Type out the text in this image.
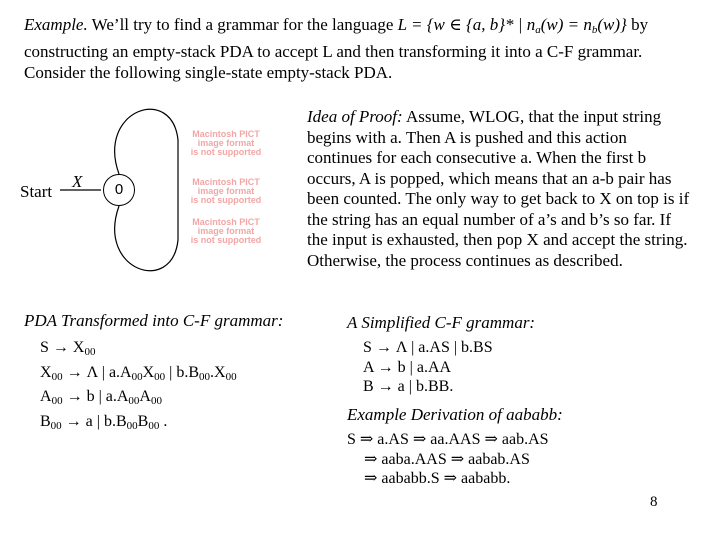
Example. We’ll try to find a grammar for the language L = {w ∈ {a, b}* | $n_a(w) = n_b(w)$} by
constructing an empty-stack PDA to accept L and then transforming it into a C-F grammar.
Consider the following single-state empty-stack PDA.
Start
X	0
Macintosh PICT
image format
is not supported
Macintosh PICT
image format
is not supported
Macintosh PICT
image format
is not supported
Idea of Proof: Assume, WLOG, that the input string begins with a. Then A is pushed and this action continues for each consecutive a. When the first b occurs, A is popped, which means that an a-b pair has been counted. The only way to get back to X on top is if the string has an equal number of a’s and b’s so far. If the input is exhausted, then pop X and accept the string. Otherwise, the process continues as described.
PDA Transformed into C-F grammar:
$S \to X_{00}$
$X_{00} \to \Lambda$ | $a.A_{00}X_{00}$ | $b.B_{00}.X_{00}$
$A_{00} \to b$ | $a.A_{00}A_{00}$
$B_{00} \to a$ | $b.B_{00}B_{00}$ .
A Simplified C-F grammar:
S → Λ | a.AS | b.BS
A → b | a.AA
B → a | b.BB.
Example Derivation of aababb:
S ⇒ a.AS ⇒ aa.AAS ⇒ aab.AS
⇒ aaba.AAS ⇒ aabab.AS
⇒ aababb.S ⇒ aababb.
8
